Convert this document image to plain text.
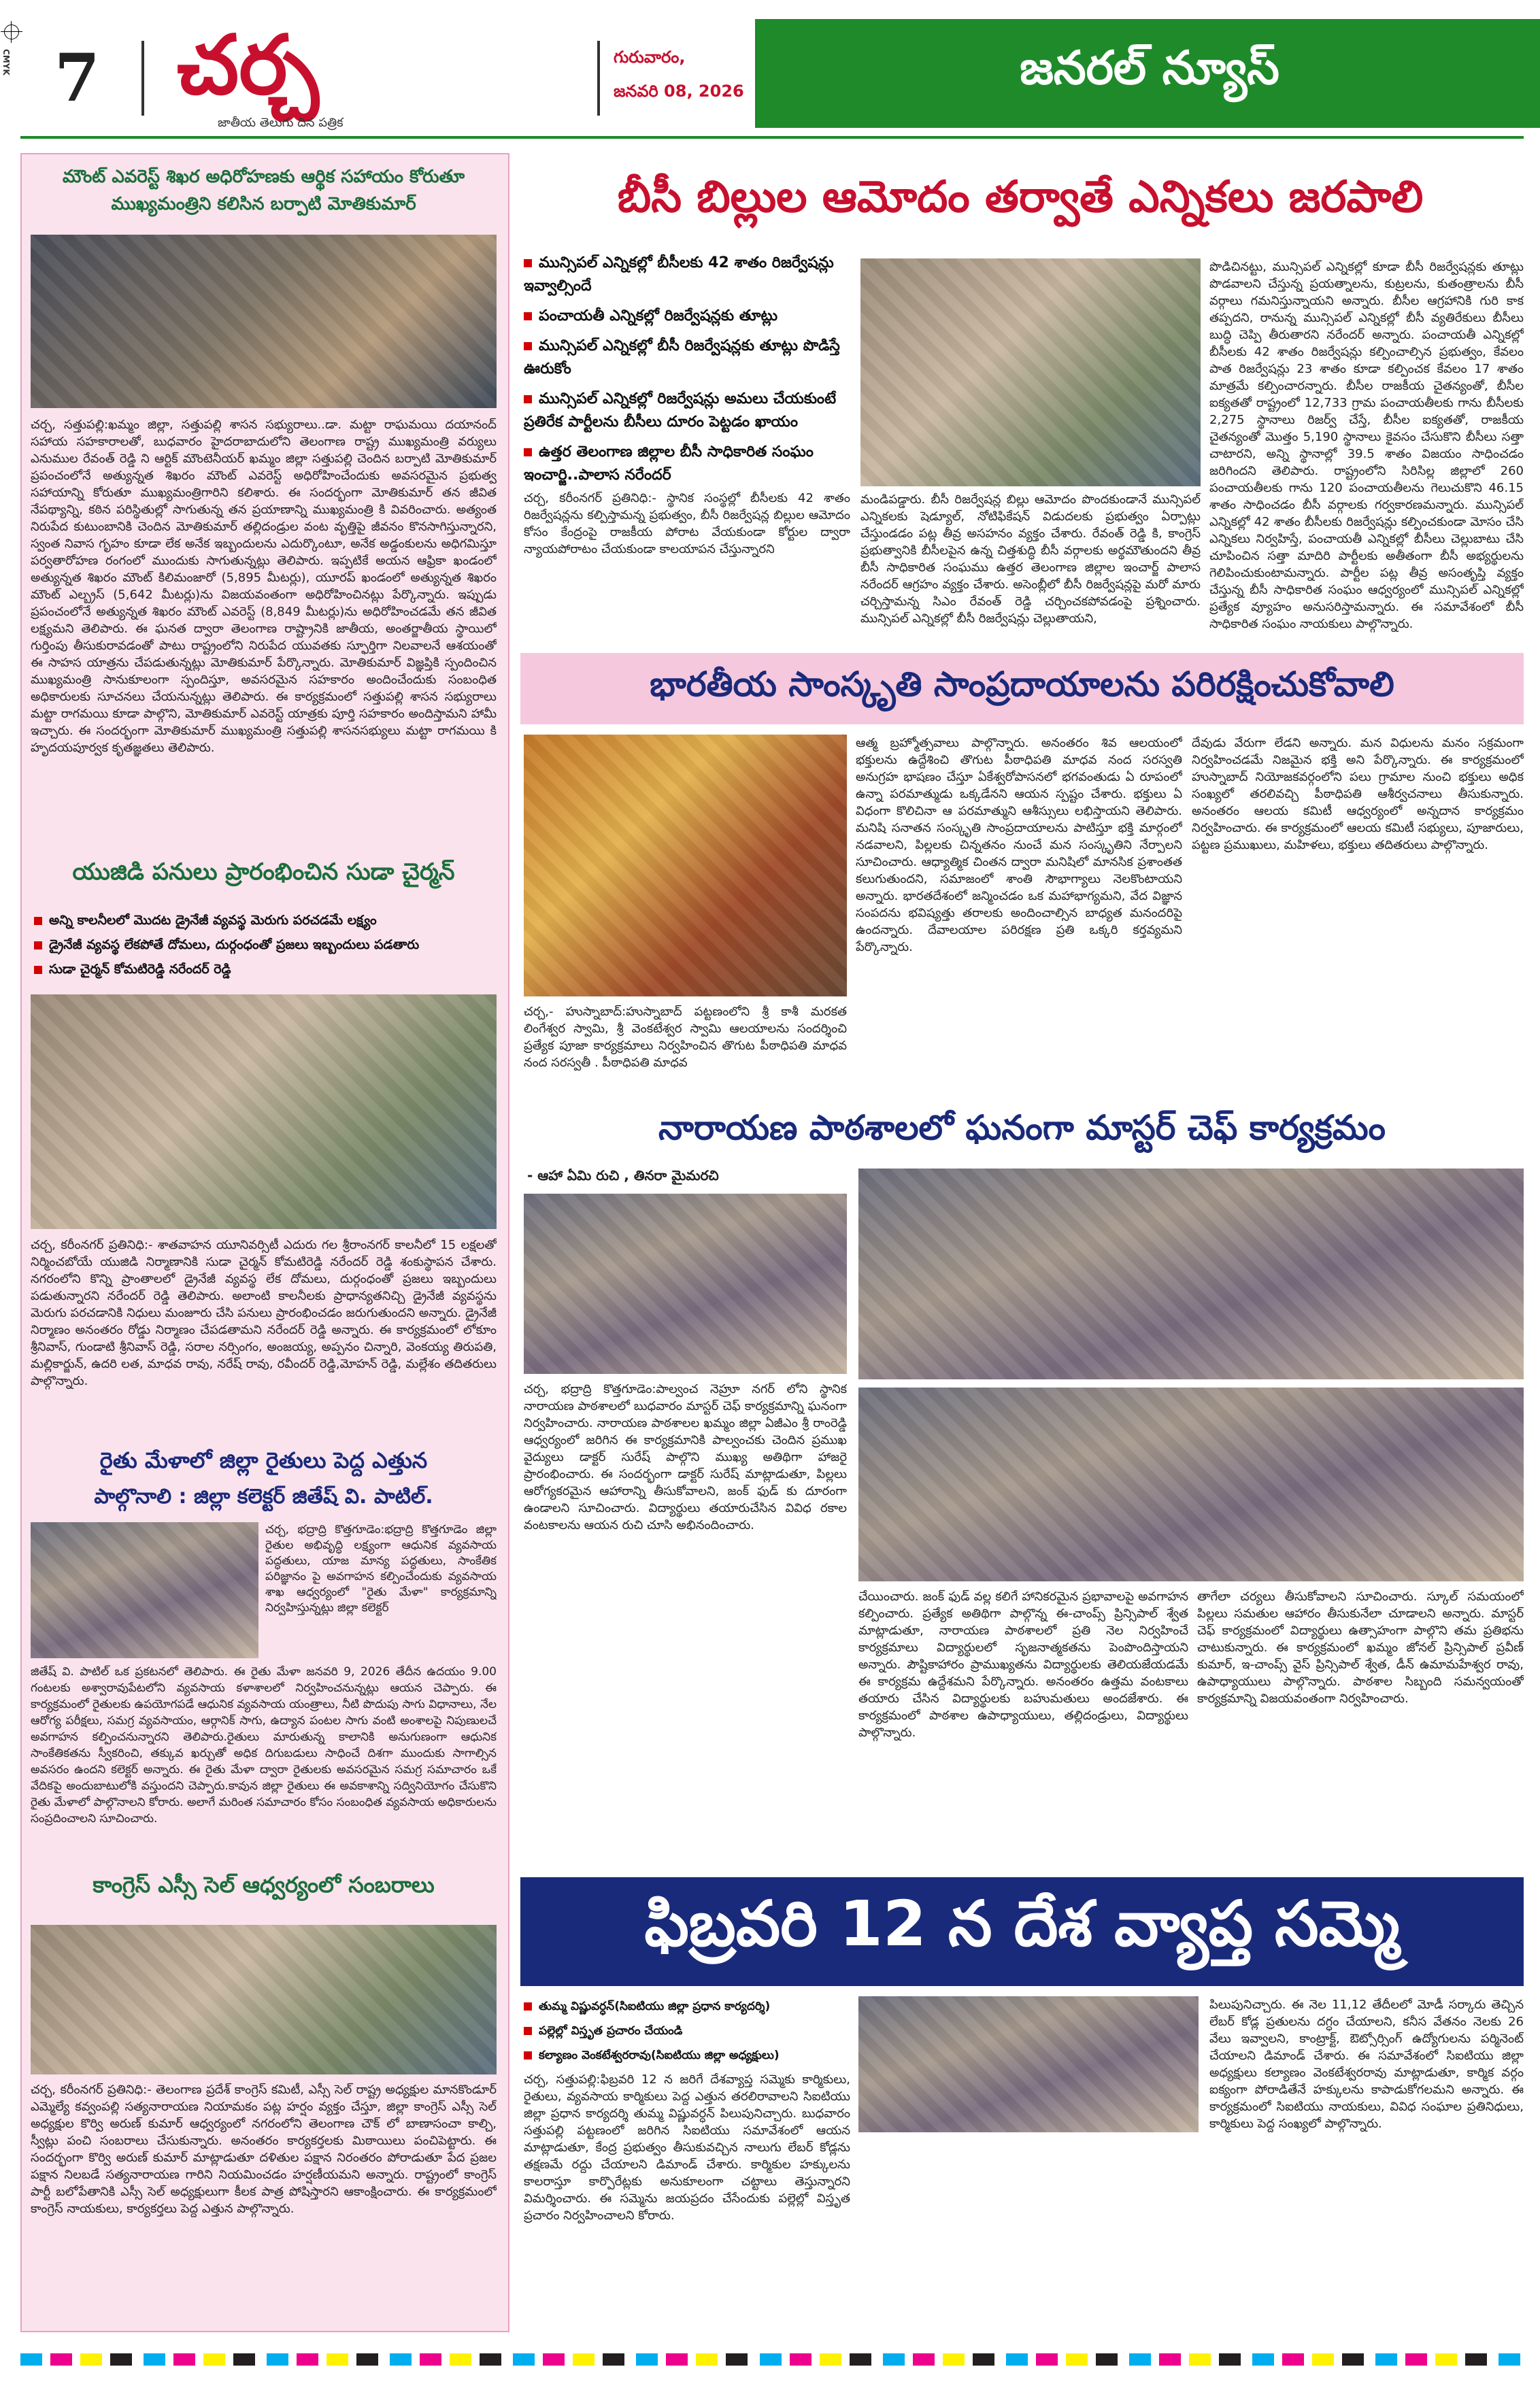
CMYK 7 చర్చ
జాతీయ తెలుగు దిన పత్రిక
గురువారం,
జనవరి 08, 2026	జనరల్ న్యూస్
మౌంట్ ఎవరెస్ట్ శిఖర అధిరోహణకు ఆర్థిక సహాయం కోరుతూ
ముఖ్యమంత్రిని కలిసిన బర్పాటి మోతికుమార్
చర్చ, సత్తుపల్లి:ఖమ్మం జిల్లా, సత్తుపల్లి శాసన సభ్యురాలు..డా. మట్టా రాఘమయి దయానంద్ సహాయ సహకారాలతో, బుధవారం హైదరాబాదులోని తెలంగాణ రాష్ట్ర ముఖ్యమంత్రి వర్యులు ఎనుముల రేవంత్ రెడ్డి ని ఆర్టిక్ మౌంటెనీయర్ ఖమ్మం జిల్లా సత్తుపల్లి చెందిన బర్పాటి మోతికుమార్ ప్రపంచంలోనే అత్యున్నత శిఖరం మౌంట్ ఎవరెస్ట్ అధిరోహించేందుకు అవసరమైన ప్రభుత్వ సహాయాన్ని కోరుతూ ముఖ్యమంత్రిగారిని కలిశారు. ఈ సందర్భంగా మోతికుమార్ తన జీవిత నేపథ్యాన్ని, కఠిన పరిస్థితుల్లో సాగుతున్న తన ప్రయాణాన్ని ముఖ్యమంత్రి కి వివరించారు. అత్యంత నిరుపేద కుటుంబానికి చెందిన మోతికుమార్ తల్లిదండ్రుల వంట వృత్తిపై జీవనం కొనసాగిస్తున్నారని, స్వంత నివాస గృహం కూడా లేక అనేక ఇబ్బందులను ఎదుర్కొంటూ, అనేక అడ్డంకులను అధిగమిస్తూ పర్వతారోహణ రంగంలో ముందుకు సాగుతున్నట్లు తెలిపారు. ఇప్పటికే అయన ఆఫ్రికా ఖండంలో అత్యున్నత శిఖరం మౌంట్ కిలిమంజారో (5,895 మీటర్లు), యూరప్ ఖండంలో అత్యున్నత శిఖరం మౌంట్ ఎల్బ్రస్ (5,642 మీటర్లు)ను విజయవంతంగా అధిరోహించినట్లు పేర్కొన్నారు. ఇప్పుడు ప్రపంచంలోనే అత్యున్నత శిఖరం మౌంట్ ఎవరెస్ట్ (8,849 మీటర్లు)ను అధిరోహించడమే తన జీవిత లక్ష్యమని తెలిపారు. ఈ ఘనత ద్వారా తెలంగాణ రాష్ట్రానికి జాతీయ, అంతర్జాతీయ స్థాయిలో గుర్తింపు తీసుకురావడంతో పాటు రాష్ట్రంలోని నిరుపేద యువతకు స్ఫూర్తిగా నిలవాలనే ఆశయంతో ఈ సాహస యాత్రను చేపడుతున్నట్లు మోతికుమార్ పేర్కొన్నారు. మోతికుమార్ విజ్ఞప్తికి స్పందించిన ముఖ్యమంత్రి సానుకూలంగా స్పందిస్తూ, అవసరమైన సహకారం అందించేందుకు సంబంధిత అధికారులకు సూచనలు చేయనున్నట్లు తెలిపారు. ఈ కార్యక్రమంలో సత్తుపల్లి శాసన సభ్యురాలు మట్టా రాగమయి కూడా పాల్గొని, మోతికుమార్ ఎవరెస్ట్ యాత్రకు పూర్తి సహకారం అందిస్తామని హామీ ఇచ్చారు. ఈ సందర్భంగా మోతికుమార్ ముఖ్యమంత్రి సత్తుపల్లి శాసనసభ్యులు మట్టా రాగమయి కి హృదయపూర్వక కృతజ్ఞతలు తెలిపారు.
యుజిడి పనులు ప్రారంభించిన సుడా చైర్మన్
అన్ని కాలనీలలో మొదట డ్రైనేజీ వ్యవస్థ మెరుగు పరచడమే లక్ష్యం
డ్రైనేజీ వ్యవస్థ లేకపోతే దోమలు, దుర్గంధంతో ప్రజలు ఇబ్బందులు పడతారు
సుడా చైర్మన్ కోమటిరెడ్డి నరేందర్ రెడ్డి
చర్చ, కరీంనగర్ ప్రతినిధి:- శాతవాహన యూనివర్సిటీ ఎదురు గల శ్రీరాంనగర్ కాలనీలో 15 లక్షలతో నిర్మించబోయే యుజిడి నిర్మాణానికి సుడా చైర్మన్ కోమటిరెడ్డి నరేందర్ రెడ్డి శంకుస్థాపన చేశారు. నగరంలోని కొన్ని ప్రాంతాలలో డ్రైనేజీ వ్యవస్థ లేక దోమలు, దుర్గంధంతో ప్రజలు ఇబ్బందులు పడుతున్నారని నరేందర్ రెడ్డి తెలిపారు. అలాంటి కాలనీలకు ప్రాధాన్యతనిచ్చి డ్రైనేజీ వ్యవస్థను మెరుగు పరచడానికి నిధులు మంజూరు చేసి పనులు ప్రారంభించడం జరుగుతుందని అన్నారు. డ్రైనేజీ నిర్మాణం అనంతరం రోడ్డు నిర్మాణం చేపడతామని నరేందర్ రెడ్డి అన్నారు. ఈ కార్యక్రమంలో లోకూం శ్రీనివాస్, గుండాటి శ్రీనివాస్ రెడ్డి, సరాల నర్సింగం, అంజయ్య, అప్పనం చిన్నారి, వెంకయ్య తిరుపతి, మల్లికార్జున్, ఉదరి లత, మాధవ రావు, నరేష్ రావు, రవీందర్ రెడ్డి,మోహన్ రెడ్డి, మల్లేశం తదితరులు పాల్గొన్నారు.
రైతు మేళాలో జిల్లా రైతులు పెద్ద ఎత్తున
పాల్గొనాలి : జిల్లా కలెక్టర్ జితేష్ వి. పాటిల్.
చర్చ, భద్రాద్రి కొత్తగూడెం:భద్రాద్రి కొత్తగూడెం జిల్లా రైతుల అభివృద్ధి లక్ష్యంగా ఆధునిక వ్యవసాయ పద్ధతులు, యాజ మాన్య పద్ధతులు, సాంకేతిక పరిజ్ఞానం పై అవగాహన కల్పించేందుకు వ్యవసాయ శాఖ ఆధ్వర్యంలో "రైతు మేళా" కార్యక్రమాన్ని నిర్వహిస్తున్నట్లు జిల్లా కలెక్టర్
జితేష్ వి. పాటిల్ ఒక ప్రకటనలో తెలిపారు. ఈ రైతు మేళా జనవరి 9, 2026 తేదీన ఉదయం 9.00 గంటలకు అశ్వారావుపేటలోని వ్యవసాయ కళాశాలలో నిర్వహించనున్నట్లు ఆయన చెప్పారు. ఈ కార్యక్రమంలో రైతులకు ఉపయోగపడే ఆధునిక వ్యవసాయ యంత్రాలు, నీటి పొదుపు సాగు విధానాలు, నేల ఆరోగ్య పరీక్షలు, సమగ్ర వ్యవసాయం, ఆర్గానిక్ సాగు, ఉద్యాన పంటల సాగు వంటి అంశాలపై నిపుణులచే అవగాహన కల్పించనున్నారని తెలిపారు.రైతులు మారుతున్న కాలానికి అనుగుణంగా ఆధునిక సాంకేతికతను స్వీకరించి, తక్కువ ఖర్చుతో అధిక దిగుబడులు సాధించే దిశగా ముందుకు సాగాల్సిన అవసరం ఉందని కలెక్టర్ అన్నారు. ఈ రైతు మేళా ద్వారా రైతులకు అవసరమైన సమగ్ర సమాచారం ఒకే వేదికపై అందుబాటులోకి వస్తుందని చెప్పారు.కావున జిల్లా రైతులు ఈ అవకాశాన్ని సద్వినియోగం చేసుకొని రైతు మేళాలో పాల్గొనాలని కోరారు. అలాగే మరింత సమాచారం కోసం సంబంధిత వ్యవసాయ అధికారులను సంప్రదించాలని సూచించారు.
కాంగ్రెస్ ఎస్సీ సెల్ ఆధ్వర్యంలో సంబరాలు
చర్చ, కరీంనగర్ ప్రతినిధి:- తెలంగాణ ప్రదేశ్ కాంగ్రెస్ కమిటీ, ఎస్సీ సెల్ రాష్ట్ర అధ్యక్షుల మానకొండూర్ ఎమ్మెల్యే కవ్వంపల్లి సత్యనారాయణ నియామకం పట్ల హర్షం వ్యక్తం చేస్తూ, జిల్లా కాంగ్రెస్ ఎస్సీ సెల్ అధ్యక్షుల కొర్వి అరుణ్ కుమార్ ఆధ్వర్యంలో నగరంలోని తెలంగాణ చౌక్ లో బాణాసంచా కాల్చి, స్వీట్లు పంచి సంబరాలు చేసుకున్నారు. అనంతరం కార్యకర్తలకు మిఠాయిలు పంచిపెట్టారు. ఈ సందర్భంగా కొర్వి అరుణ్ కుమార్ మాట్లాడుతూ దళితుల పక్షాన నిరంతరం పోరాడుతూ పేద ప్రజల పక్షాన నిలబడే సత్యనారాయణ గారిని నియమించడం హర్షణీయమని అన్నారు. రాష్ట్రంలో కాంగ్రెస్ పార్టీ బలోపేతానికి ఎస్సీ సెల్ అధ్యక్షులుగా కీలక పాత్ర పోషిస్తారని ఆకాంక్షించారు. ఈ కార్యక్రమంలో కాంగ్రెస్ నాయకులు, కార్యకర్తలు పెద్ద ఎత్తున పాల్గొన్నారు.
బీసీ బిల్లుల ఆమోదం తర్వాతే ఎన్నికలు జరపాలి
మున్సిపల్ ఎన్నికల్లో బీసీలకు 42 శాతం రిజర్వేషన్లు ఇవ్వాల్సిందే
పంచాయతీ ఎన్నికల్లో రిజర్వేషన్లకు తూట్లు
మున్సిపల్ ఎన్నికల్లో బీసీ రిజర్వేషన్లకు తూట్లు పొడిస్తే ఊరుకోం
మున్సిపల్ ఎన్నికల్లో రిజర్వేషన్లు అమలు చేయకుంటే ప్రతిరేక పార్టీలను బీసీలు దూరం పెట్టడం ఖాయం
ఉత్తర తెలంగాణ జిల్లాల బీసీ సాధికారిత సంఘం ఇంచార్జి..పాలాస నరేందర్
చర్చ, కరీంనగర్ ప్రతినిధి:- స్థానిక సంస్థల్లో బీసీలకు 42 శాతం రిజర్వేషన్లను కల్పిస్తామన్న ప్రభుత్వం, బీసీ రిజర్వేషన్ల బిల్లుల ఆమోదం కోసం కేంద్రంపై రాజకీయ పోరాట వేయకుండా కోర్టుల ద్వారా న్యాయపోరాటం చేయకుండా కాలయాపన చేస్తున్నారని
మండిపడ్డారు. బీసీ రిజర్వేషన్ల బిల్లు ఆమోదం పొందకుండానే మున్సిపల్ ఎన్నికలకు షెడ్యూల్, నోటిఫికేషన్ విడుదలకు ప్రభుత్వం ఏర్పాట్లు చేస్తుండడం పట్ల తీవ్ర అసహనం వ్యక్తం చేశారు. రేవంత్ రెడ్డి కి, కాంగ్రెస్ ప్రభుత్వానికి బీసీలపైన ఉన్న చిత్తశుద్ధి బీసీ వర్గాలకు అర్థమౌతుందని తీవ్ర బీసీ సాధికారిత సంఘము ఉత్తర తెలంగాణ జిల్లాల ఇంచార్జ్ పాలాస నరేందర్ ఆగ్రహం వ్యక్తం చేశారు. అసెంబ్లీలో బీసీ రిజర్వేషన్లపై మరో మారు చర్చిస్తామన్న సిఎం రేవంత్ రెడ్డి చర్చించకపోవడంపై ప్రశ్నించారు. మున్సిపల్ ఎన్నికల్లో బీసీ రిజర్వేషన్లు చెల్లుతాయని,
పొడిచినట్టు, మున్సిపల్ ఎన్నికల్లో కూడా బీసీ రిజర్వేషన్లకు తూట్లు పొడవాలని చేస్తున్న ప్రయత్నాలను, కుట్రలను, కుతంత్రాలను బీసీ వర్గాలు గమనిస్తున్నాయని అన్నారు. బీసీల ఆగ్రహానికి గురి కాక తప్పదని, రానున్న మున్సిపల్ ఎన్నికల్లో బీసీ వ్యతిరేకులు బీసీలు బుద్ధి చెప్పి తీరుతారని నరేందర్ అన్నారు. పంచాయతీ ఎన్నికల్లో బీసీలకు 42 శాతం రిజర్వేషన్లు కల్పించాల్సిన ప్రభుత్వం, కేవలం పాత రిజర్వేషన్లు 23 శాతం కూడా కల్పించక కేవలం 17 శాతం మాత్రమే కల్పించారన్నారు. బీసీల రాజకీయ చైతన్యంతో, బీసీల ఐక్యతతో రాష్ట్రంలో 12,733 గ్రామ పంచాయతీలకు గాను బీసీలకు 2,275 స్థానాలు రిజర్వ్ చేస్తే, బీసీల ఐక్యతతో, రాజకీయ చైతన్యంతో మొత్తం 5,190 స్థానాలు కైవసం చేసుకొని బీసీలు సత్తా చాటారని, అన్ని స్థానాల్లో 39.5 శాతం విజయం సాధించడం జరిగిందని తెలిపారు. రాష్ట్రంలోని సిరిసిల్ల జిల్లాలో 260 పంచాయతీలకు గాను 120 పంచాయతీలను గెలుచుకొని 46.15 శాతం సాధించడం బీసీ వర్గాలకు గర్వకారణమన్నారు. మున్సిపల్ ఎన్నికల్లో 42 శాతం బీసీలకు రిజర్వేషన్లు కల్పించకుండా మోసం చేసి ఎన్నికలు నిర్వహిస్తే, పంచాయతీ ఎన్నికల్లో బీసీలు చెల్లుబాటు చేసి చూపించిన సత్తా మాదిరి పార్టీలకు అతీతంగా బీసీ అభ్యర్థులను గెలిపించుకుంటామన్నారు. పార్టీల పట్ల తీవ్ర అసంతృప్తి వ్యక్తం చేస్తున్న బీసీ సాధికారిత సంఘం ఆధ్వర్యంలో మున్సిపల్ ఎన్నికల్లో ప్రత్యేక వ్యూహం అనుసరిస్తామన్నారు. ఈ సమావేశంలో బీసీ సాధికారిత సంఘం నాయకులు పాల్గొన్నారు.
భారతీయ సాంస్కృతి సాంప్రదాయాలను పరిరక్షించుకోవాలి
చర్చ,- హుస్నాబాద్:హుస్నాబాద్ పట్టణంలోని శ్రీ కాశీ మరకత లింగేశ్వర స్వామి, శ్రీ వెంకటేశ్వర స్వామి ఆలయాలను సందర్శించి ప్రత్యేక పూజా కార్యక్రమాలు నిర్వహించిన తొగుట పీఠాధిపతి మాధవ నంద సరస్వతీ . పీఠాధిపతి మాధవ
ఆత్మ బ్రహ్మోత్సవాలు పాల్గొన్నారు. అనంతరం శివ ఆలయంలో భక్తులను ఉద్దేశించి తొగుట పీఠాధిపతి మాధవ నంద సరస్వతి అనుగ్రహ భాషణం చేస్తూ ఏకేశ్వరోపాసనలో భగవంతుడు ఏ రూపంలో ఉన్నా పరమాత్ముడు ఒక్కడేనని ఆయన స్పష్టం చేశారు. భక్తులు ఏ విధంగా కొలిచినా ఆ పరమాత్ముని ఆశీస్సులు లభిస్తాయని తెలిపారు. మనిషి సనాతన సంస్కృతి సాంప్రదాయాలను పాటిస్తూ భక్తి మార్గంలో నడవాలని, పిల్లలకు చిన్నతనం నుంచే మన సంస్కృతిని నేర్పాలని సూచించారు. ఆధ్యాత్మిక చింతన ద్వారా మనిషిలో మానసిక ప్రశాంతత కలుగుతుందని, సమాజంలో శాంతి సౌభాగ్యాలు నెలకొంటాయని అన్నారు. భారతదేశంలో జన్మించడం ఒక మహాభాగ్యమని, వేద విజ్ఞాన సంపదను భవిష్యత్తు తరాలకు అందించాల్సిన బాధ్యత మనందరిపై ఉందన్నారు. దేవాలయాల పరిరక్షణ ప్రతి ఒక్కరి కర్తవ్యమని పేర్కొన్నారు.
దేవుడు వేరుగా లేడని అన్నారు. మన విధులను మనం సక్రమంగా నిర్వహించడమే నిజమైన భక్తి అని పేర్కొన్నారు. ఈ కార్యక్రమంలో హుస్నాబాద్ నియోజకవర్గంలోని పలు గ్రామాల నుంచి భక్తులు అధిక సంఖ్యలో తరలివచ్చి పీఠాధిపతి ఆశీర్వచనాలు తీసుకున్నారు. అనంతరం ఆలయ కమిటీ ఆధ్వర్యంలో అన్నదాన కార్యక్రమం నిర్వహించారు. ఈ కార్యక్రమంలో ఆలయ కమిటీ సభ్యులు, పూజారులు, పట్టణ ప్రముఖులు, మహిళలు, భక్తులు తదితరులు పాల్గొన్నారు.
నారాయణ పాఠశాలలో ఘనంగా మాస్టర్ చెఫ్ కార్యక్రమం
- ఆహా ఏమి రుచి , తినరా మైమరచి
చర్చ, భద్రాద్రి కొత్తగూడెం:పాల్వంచ నెహ్రూ నగర్ లోని స్థానిక నారాయణ పాఠశాలలో బుధవారం మాస్టర్ చెఫ్ కార్యక్రమాన్ని ఘనంగా నిర్వహించారు. నారాయణ పాఠశాలల ఖమ్మం జిల్లా ఏజీఎం శ్రీ రాంరెడ్డి ఆధ్వర్యంలో జరిగిన ఈ కార్యక్రమానికి పాల్వంచకు చెందిన ప్రముఖ వైద్యులు డాక్టర్ సురేష్ పాల్గొని ముఖ్య అతిథిగా హాజరై ప్రారంభించారు. ఈ సందర్భంగా డాక్టర్ సురేష్ మాట్లాడుతూ, పిల్లలు ఆరోగ్యకరమైన ఆహారాన్ని తీసుకోవాలని, జంక్ ఫుడ్ కు దూరంగా ఉండాలని సూచించారు. విద్యార్థులు తయారుచేసిన వివిధ రకాల వంటకాలను ఆయన రుచి చూసి అభినందించారు.
చేయించారు. జంక్ ఫుడ్ వల్ల కలిగే హానికరమైన ప్రభావాలపై అవగాహన కల్పించారు. ప్రత్యేక అతిథిగా పాల్గొన్న ఈ-చాంప్స్ ప్రిన్సిపాల్ శ్వేత మాట్లాడుతూ, నారాయణ పాఠశాలలో ప్రతి నెల నిర్వహించే కార్యక్రమాలు విద్యార్థులలో సృజనాత్మకతను పెంపొందిస్తాయని అన్నారు. పౌష్టికాహారం ప్రాముఖ్యతను విద్యార్థులకు తెలియజేయడమే ఈ కార్యక్రమ ఉద్దేశమని పేర్కొన్నారు. అనంతరం ఉత్తమ వంటకాలు తయారు చేసిన విద్యార్థులకు బహుమతులు అందజేశారు. ఈ కార్యక్రమంలో పాఠశాల ఉపాధ్యాయులు, తల్లిదండ్రులు, విద్యార్థులు పాల్గొన్నారు.
తాగేలా చర్యలు తీసుకోవాలని సూచించారు. స్కూల్ సమయంలో పిల్లలు సమతుల ఆహారం తీసుకునేలా చూడాలని అన్నారు. మాస్టర్ చెఫ్ కార్యక్రమంలో విద్యార్థులు ఉత్సాహంగా పాల్గొని తమ ప్రతిభను చాటుకున్నారు. ఈ కార్యక్రమంలో ఖమ్మం జోనల్ ప్రిన్సిపాల్ ప్రవీణ్ కుమార్, ఇ-చాంప్స్ వైస్ ప్రిన్సిపాల్ శ్వేత, డీన్ ఉమామహేశ్వర రావు, ఉపాధ్యాయులు పాల్గొన్నారు. పాఠశాల సిబ్బంది సమన్వయంతో కార్యక్రమాన్ని విజయవంతంగా నిర్వహించారు.
ఫిబ్రవరి 12 న దేశ వ్యాప్త సమ్మె
తుమ్మ విష్ణువర్ధన్(సిఐటియు జిల్లా ప్రధాన కార్యదర్శి)
పల్లెల్లో విస్తృత ప్రచారం చేయండి
కల్యాణం వెంకటేశ్వరరావు(సిఐటియు జిల్లా అధ్యక్షులు)
చర్చ, సత్తుపల్లి:ఫిబ్రవరి 12 న జరిగే దేశవ్యాప్త సమ్మెకు కార్మికులు, రైతులు, వ్యవసాయ కార్మికులు పెద్ద ఎత్తున తరలిరావాలని సిఐటియు జిల్లా ప్రధాన కార్యదర్శి తుమ్మ విష్ణువర్ధన్ పిలుపునిచ్చారు. బుధవారం సత్తుపల్లి పట్టణంలో జరిగిన సిఐటియు సమావేశంలో ఆయన మాట్లాడుతూ, కేంద్ర ప్రభుత్వం తీసుకువచ్చిన నాలుగు లేబర్ కోడ్లను తక్షణమే రద్దు చేయాలని డిమాండ్ చేశారు. కార్మికుల హక్కులను కాలరాస్తూ కార్పొరేట్లకు అనుకూలంగా చట్టాలు తెస్తున్నారని విమర్శించారు. ఈ సమ్మెను జయప్రదం చేసేందుకు పల్లెల్లో విస్తృత ప్రచారం నిర్వహించాలని కోరారు.
పిలుపునిచ్చారు. ఈ నెల 11,12 తేదీలలో మోడీ సర్కారు తెచ్చిన లేబర్ కోడ్ల ప్రతులను దగ్ధం చేయాలని, కనీస వేతనం నెలకు 26 వేలు ఇవ్వాలని, కాంట్రాక్ట్, ఔట్సోర్సింగ్ ఉద్యోగులను పర్మినెంట్ చేయాలని డిమాండ్ చేశారు. ఈ సమావేశంలో సిఐటియు జిల్లా అధ్యక్షులు కల్యాణం వెంకటేశ్వరరావు మాట్లాడుతూ, కార్మిక వర్గం ఐక్యంగా పోరాడితేనే హక్కులను కాపాడుకోగలమని అన్నారు. ఈ కార్యక్రమంలో సిఐటియు నాయకులు, వివిధ సంఘాల ప్రతినిధులు, కార్మికులు పెద్ద సంఖ్యలో పాల్గొన్నారు.
